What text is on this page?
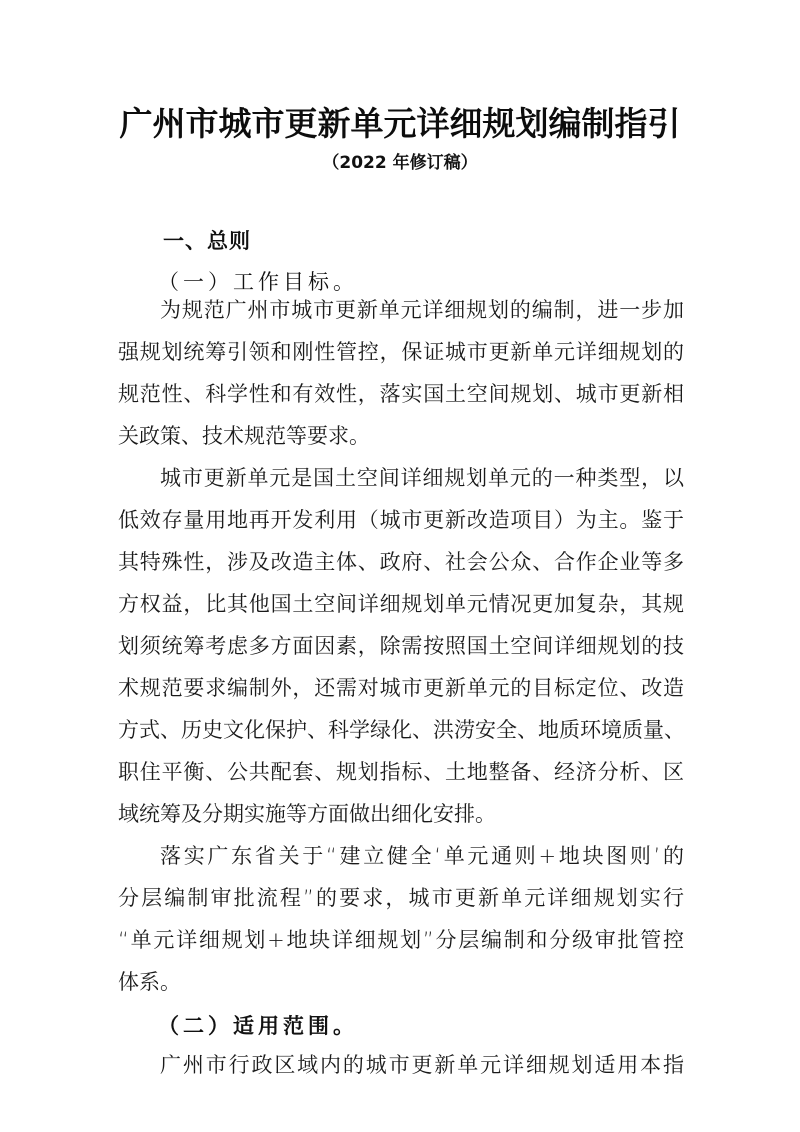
广州市城市更新单元详细规划编制指引
（2022 年修订稿）
一、总则
（一）工作目标。
为规范广州市城市更新单元详细规划的编制，进一步加
强规划统筹引领和刚性管控，保证城市更新单元详细规划的
规范性、科学性和有效性，落实国土空间规划、城市更新相
关政策、技术规范等要求。
城市更新单元是国土空间详细规划单元的一种类型，以
低效存量用地再开发利用（城市更新改造项目）为主。鉴于
其特殊性，涉及改造主体、政府、社会公众、合作企业等多
方权益，比其他国土空间详细规划单元情况更加复杂，其规
划须统筹考虑多方面因素，除需按照国土空间详细规划的技
术规范要求编制外，还需对城市更新单元的目标定位、改造
方式、历史文化保护、科学绿化、洪涝安全、地质环境质量、
职住平衡、公共配套、规划指标、土地整备、经济分析、区
域统筹及分期实施等方面做出细化安排。
落实广东省关于“建立健全‘单元通则+地块图则’的
分层编制审批流程”的要求，城市更新单元详细规划实行
“单元详细规划+地块详细规划”分层编制和分级审批管控
体系。
（二）适用范围。
广州市行政区域内的城市更新单元详细规划适用本指
